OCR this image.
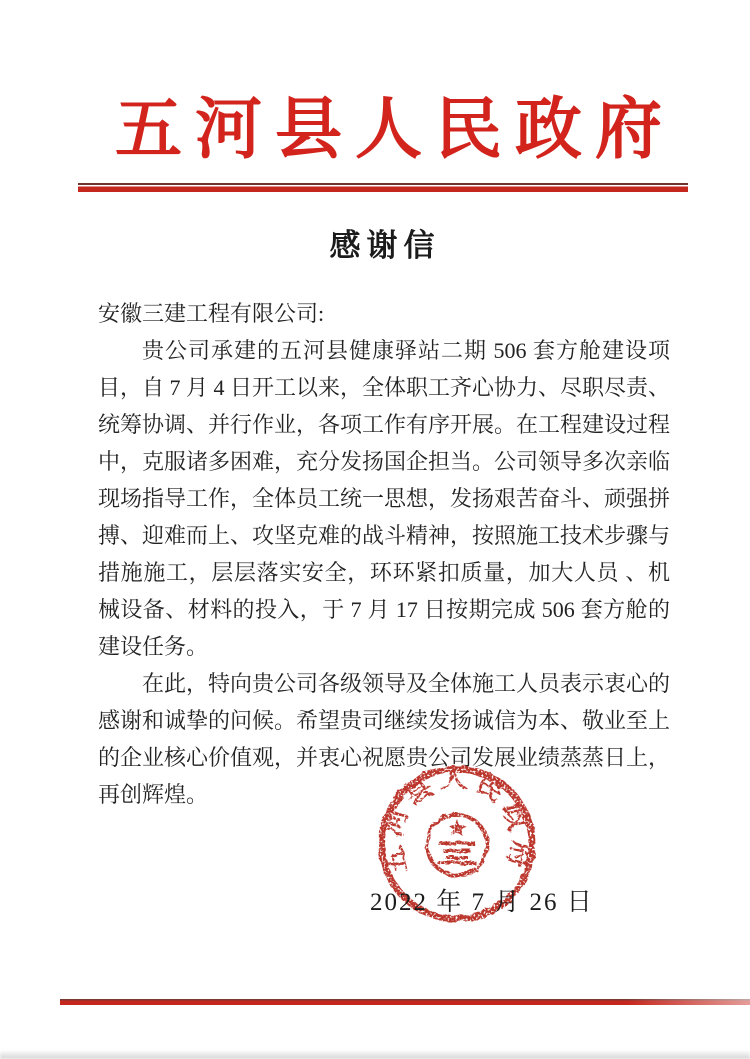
五河县人民政府
感谢信

安徽三建工程有限公司:

贵公司承建的五河县健康驿站二期 506 套方舱建设项目，自 7 月 4 日开工以来，全体职工齐心协力、尽职尽责、统筹协调、并行作业，各项工作有序开展。在工程建设过程中，克服诸多困难，充分发扬国企担当。公司领导多次亲临现场指导工作，全体员工统一思想，发扬艰苦奋斗、顽强拼搏、迎难而上、攻坚克难的战斗精神，按照施工技术步骤与措施施工，层层落实安全，环环紧扣质量，加大人员 、机械设备、材料的投入，于 7 月 17 日按期完成 506 套方舱的建设任务。

在此，特向贵公司各级领导及全体施工人员表示衷心的感谢和诚挚的问候。希望贵司继续发扬诚信为本、敬业至上的企业核心价值观，并衷心祝愿贵公司发展业绩蒸蒸日上，再创辉煌。

五河县人民政府
2022 年 7 月 26 日
